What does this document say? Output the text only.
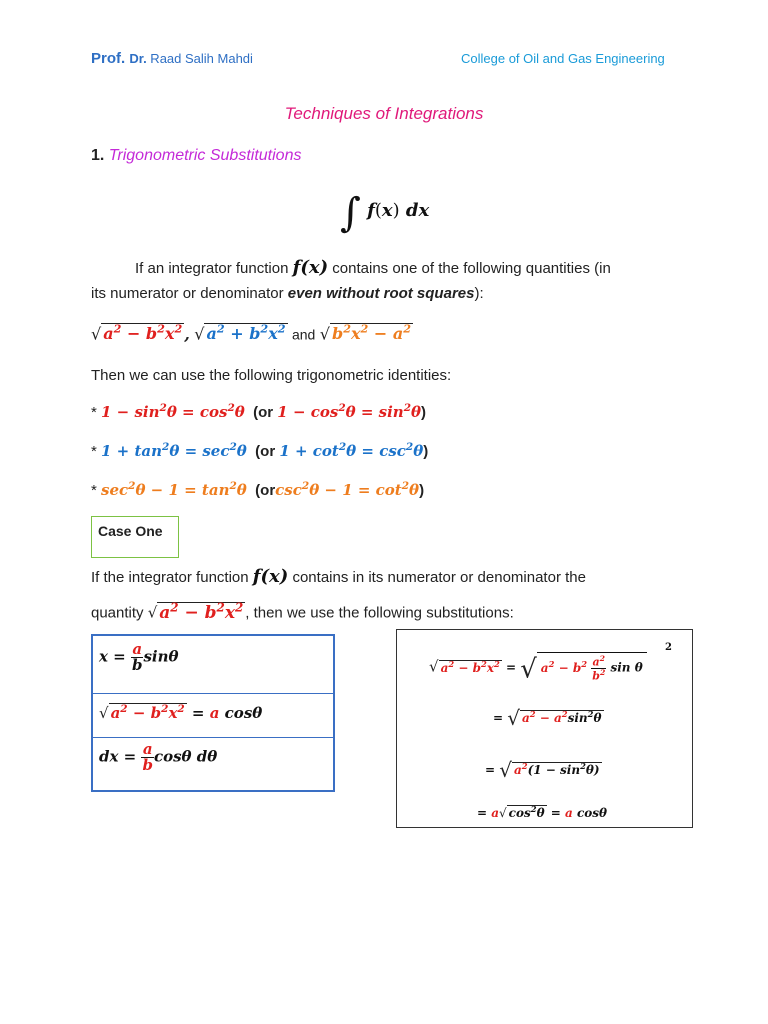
Prof. Dr. Raad Salih Mahdi	College of Oil and Gas Engineering
Techniques of Integrations
1. Trigonometric Substitutions
∫ f(x) dx
If an integrator function f(x) contains one of the following quantities (in
its numerator or denominator even without root squares):
√ $a^2 - b^2x^2$ , √ $a^2 + b^2x^2$ and √ $b^2x^2 - a^2$
Then we can use the following trigonometric identities:
* $1 - \sin^2\theta = \cos^2\theta$ (or $1 - \cos^2\theta = \sin^2\theta$)
* $1 + \tan^2\theta = \sec^2\theta$ (or $1 + \cot^2\theta = \csc^2\theta$)
* $\sec^2\theta - 1 = \tan^2\theta$ $(orcsc^2\theta - 1 = \cot^2\theta)$
Case One
If the integrator function f(x) contains in its numerator or denominator the
quantity √ $a^2 - b^2x^2$ , then we use the following substitutions:
$x = \frac{a}{b}$ sinθ
√ $a^2 - b^2x^2 = a$ cosθ
dx = $\frac{a}{b}$ cosθ dθ
√ $a^2 - b^2x^2$ = √ $a^2 - b^2 \frac{a^2}{b^2}$ sin θ
2
= √ $a^2 - a^2\sin^2\theta$
= √ $a^2(1 - \sin^2\theta)$
= a√ $\cos^2\theta = a$ cosθ
